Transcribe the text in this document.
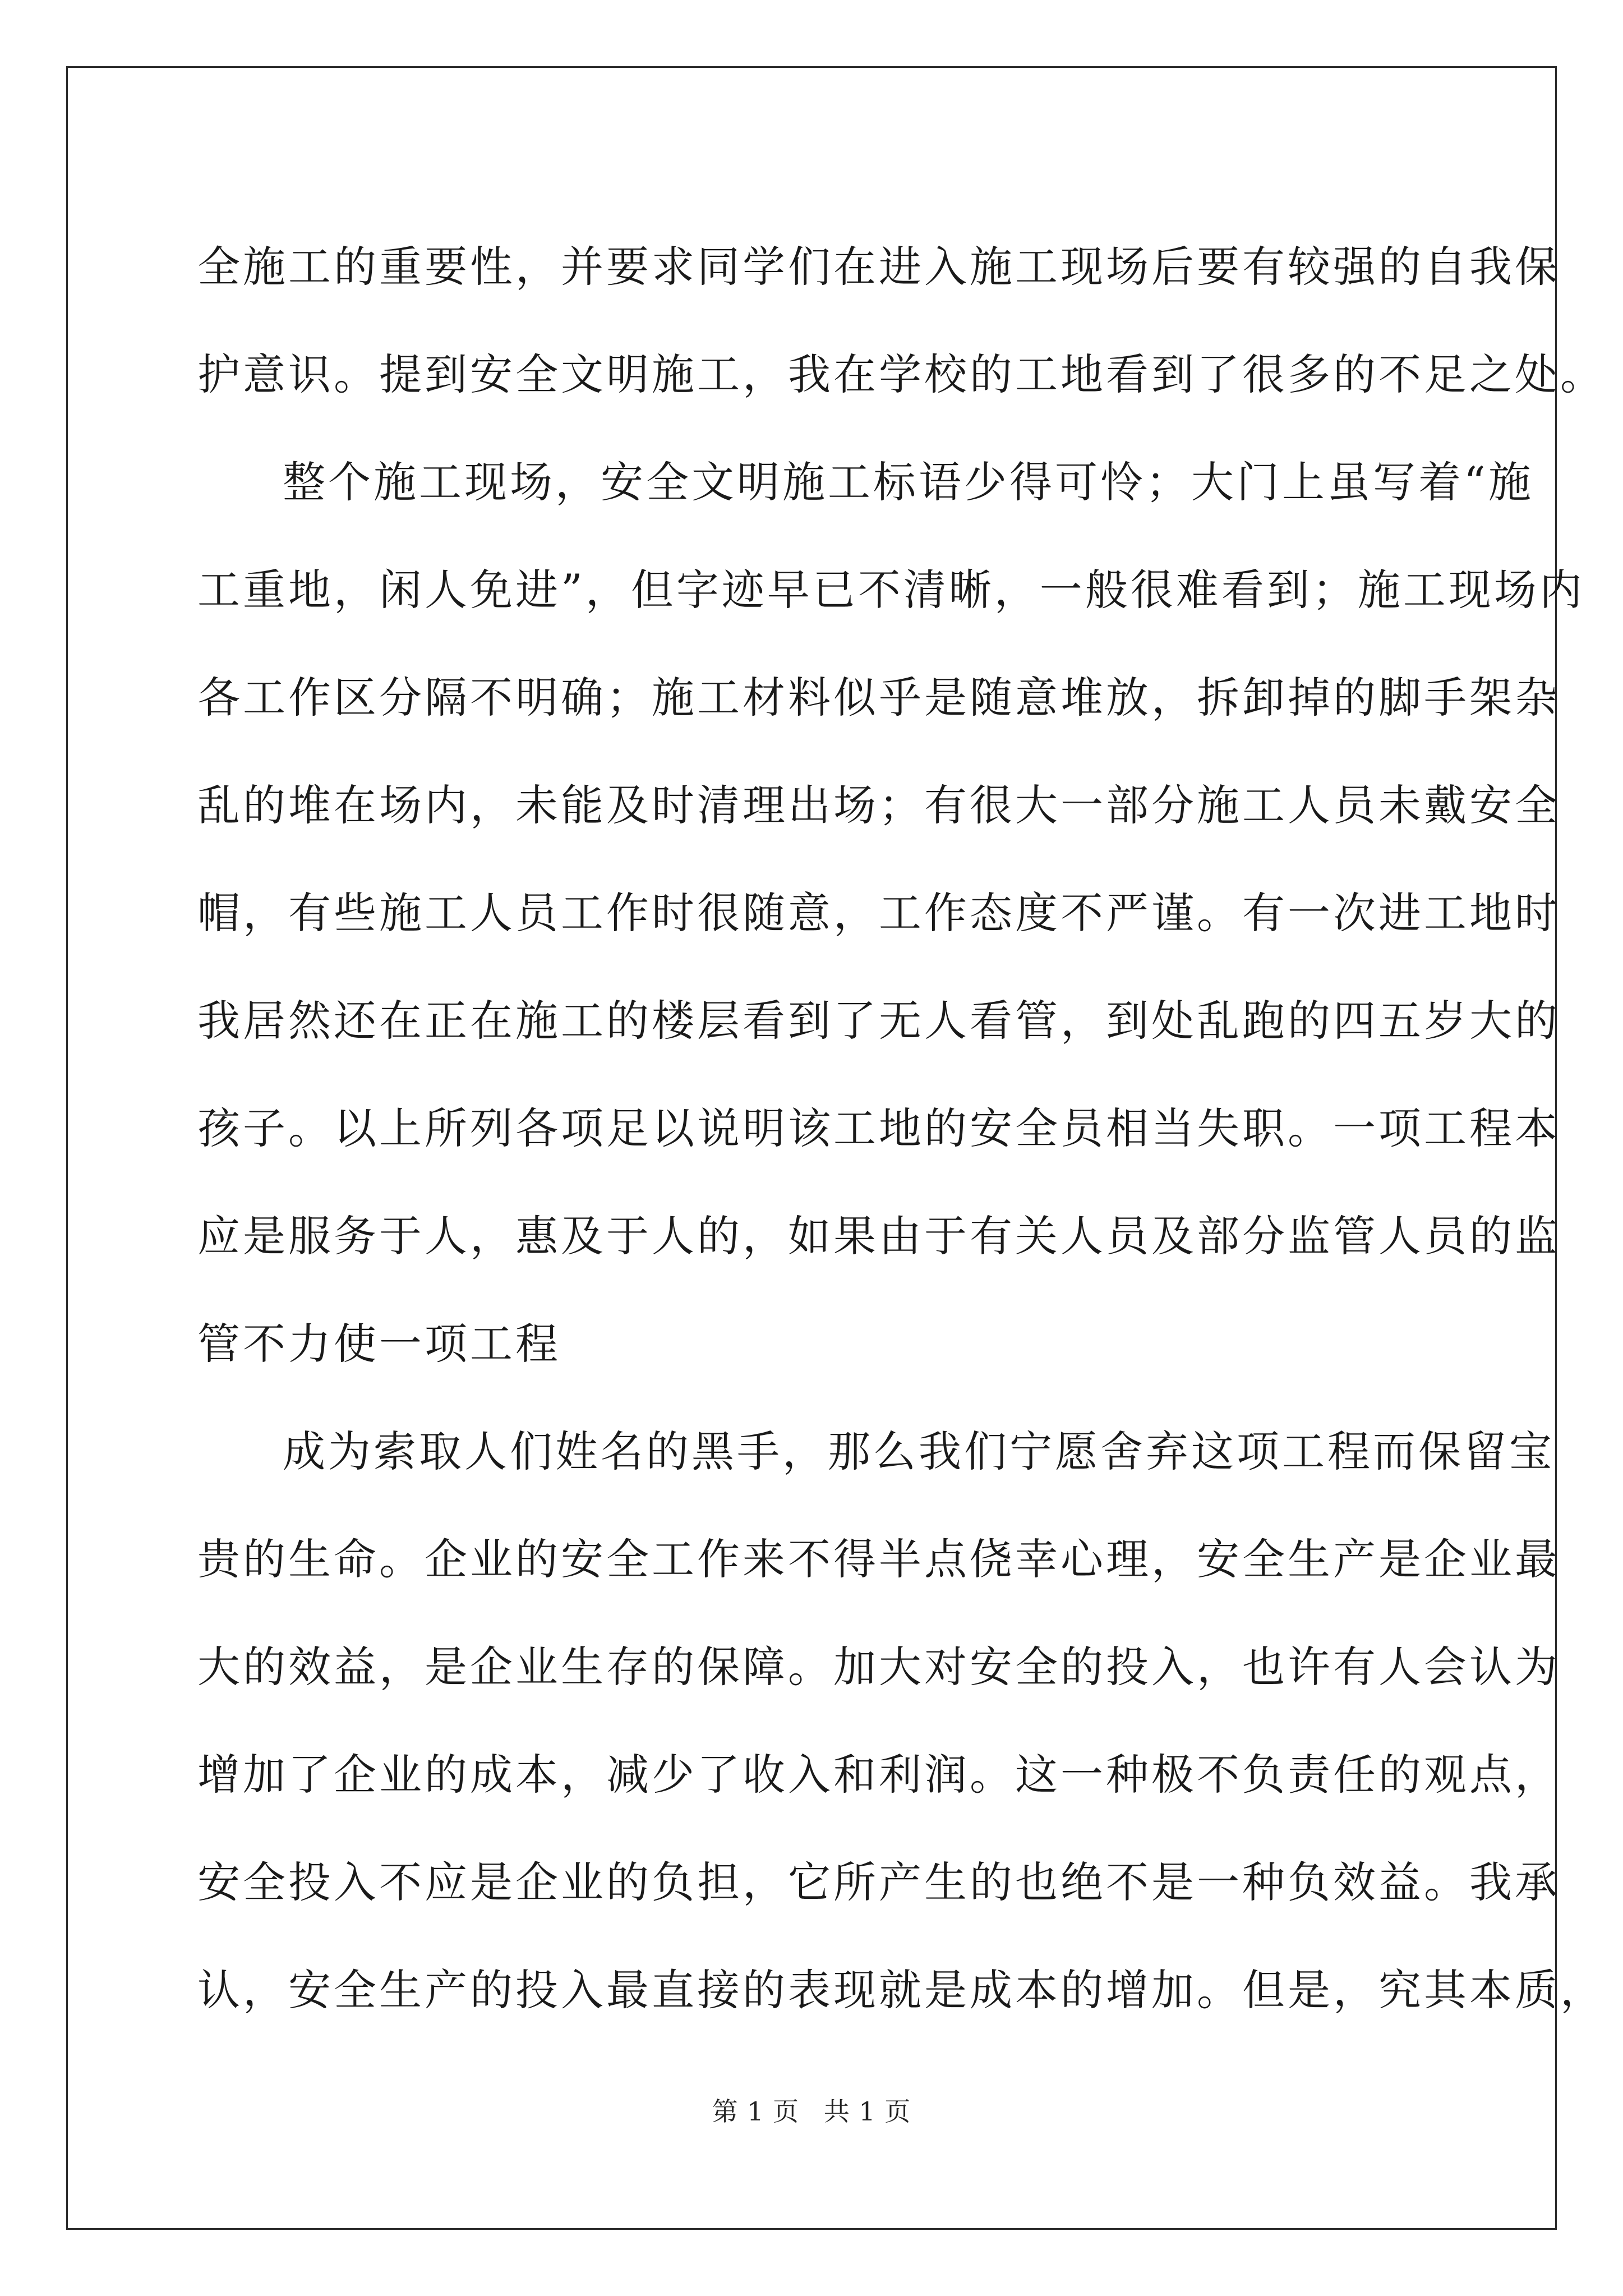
全施工的重要性，并要求同学们在进入施工现场后要有较强的自我保
护意识。提到安全文明施工，我在学校的工地看到了很多的不足之处。
整个施工现场，安全文明施工标语少得可怜；大门上虽写着“施
工重地，闲人免进”，但字迹早已不清晰，一般很难看到；施工现场内
各工作区分隔不明确；施工材料似乎是随意堆放，拆卸掉的脚手架杂
乱的堆在场内，未能及时清理出场；有很大一部分施工人员未戴安全
帽，有些施工人员工作时很随意，工作态度不严谨。有一次进工地时
我居然还在正在施工的楼层看到了无人看管，到处乱跑的四五岁大的
孩子。以上所列各项足以说明该工地的安全员相当失职。一项工程本
应是服务于人，惠及于人的，如果由于有关人员及部分监管人员的监
管不力使一项工程
成为索取人们姓名的黑手，那么我们宁愿舍弃这项工程而保留宝
贵的生命。企业的安全工作来不得半点侥幸心理，安全生产是企业最
大的效益，是企业生存的保障。加大对安全的投入，也许有人会认为
增加了企业的成本，减少了收入和利润。这一种极不负责任的观点，
安全投入不应是企业的负担，它所产生的也绝不是一种负效益。我承
认，安全生产的投入最直接的表现就是成本的增加。但是，究其本质，
第 1 页 共 1 页
